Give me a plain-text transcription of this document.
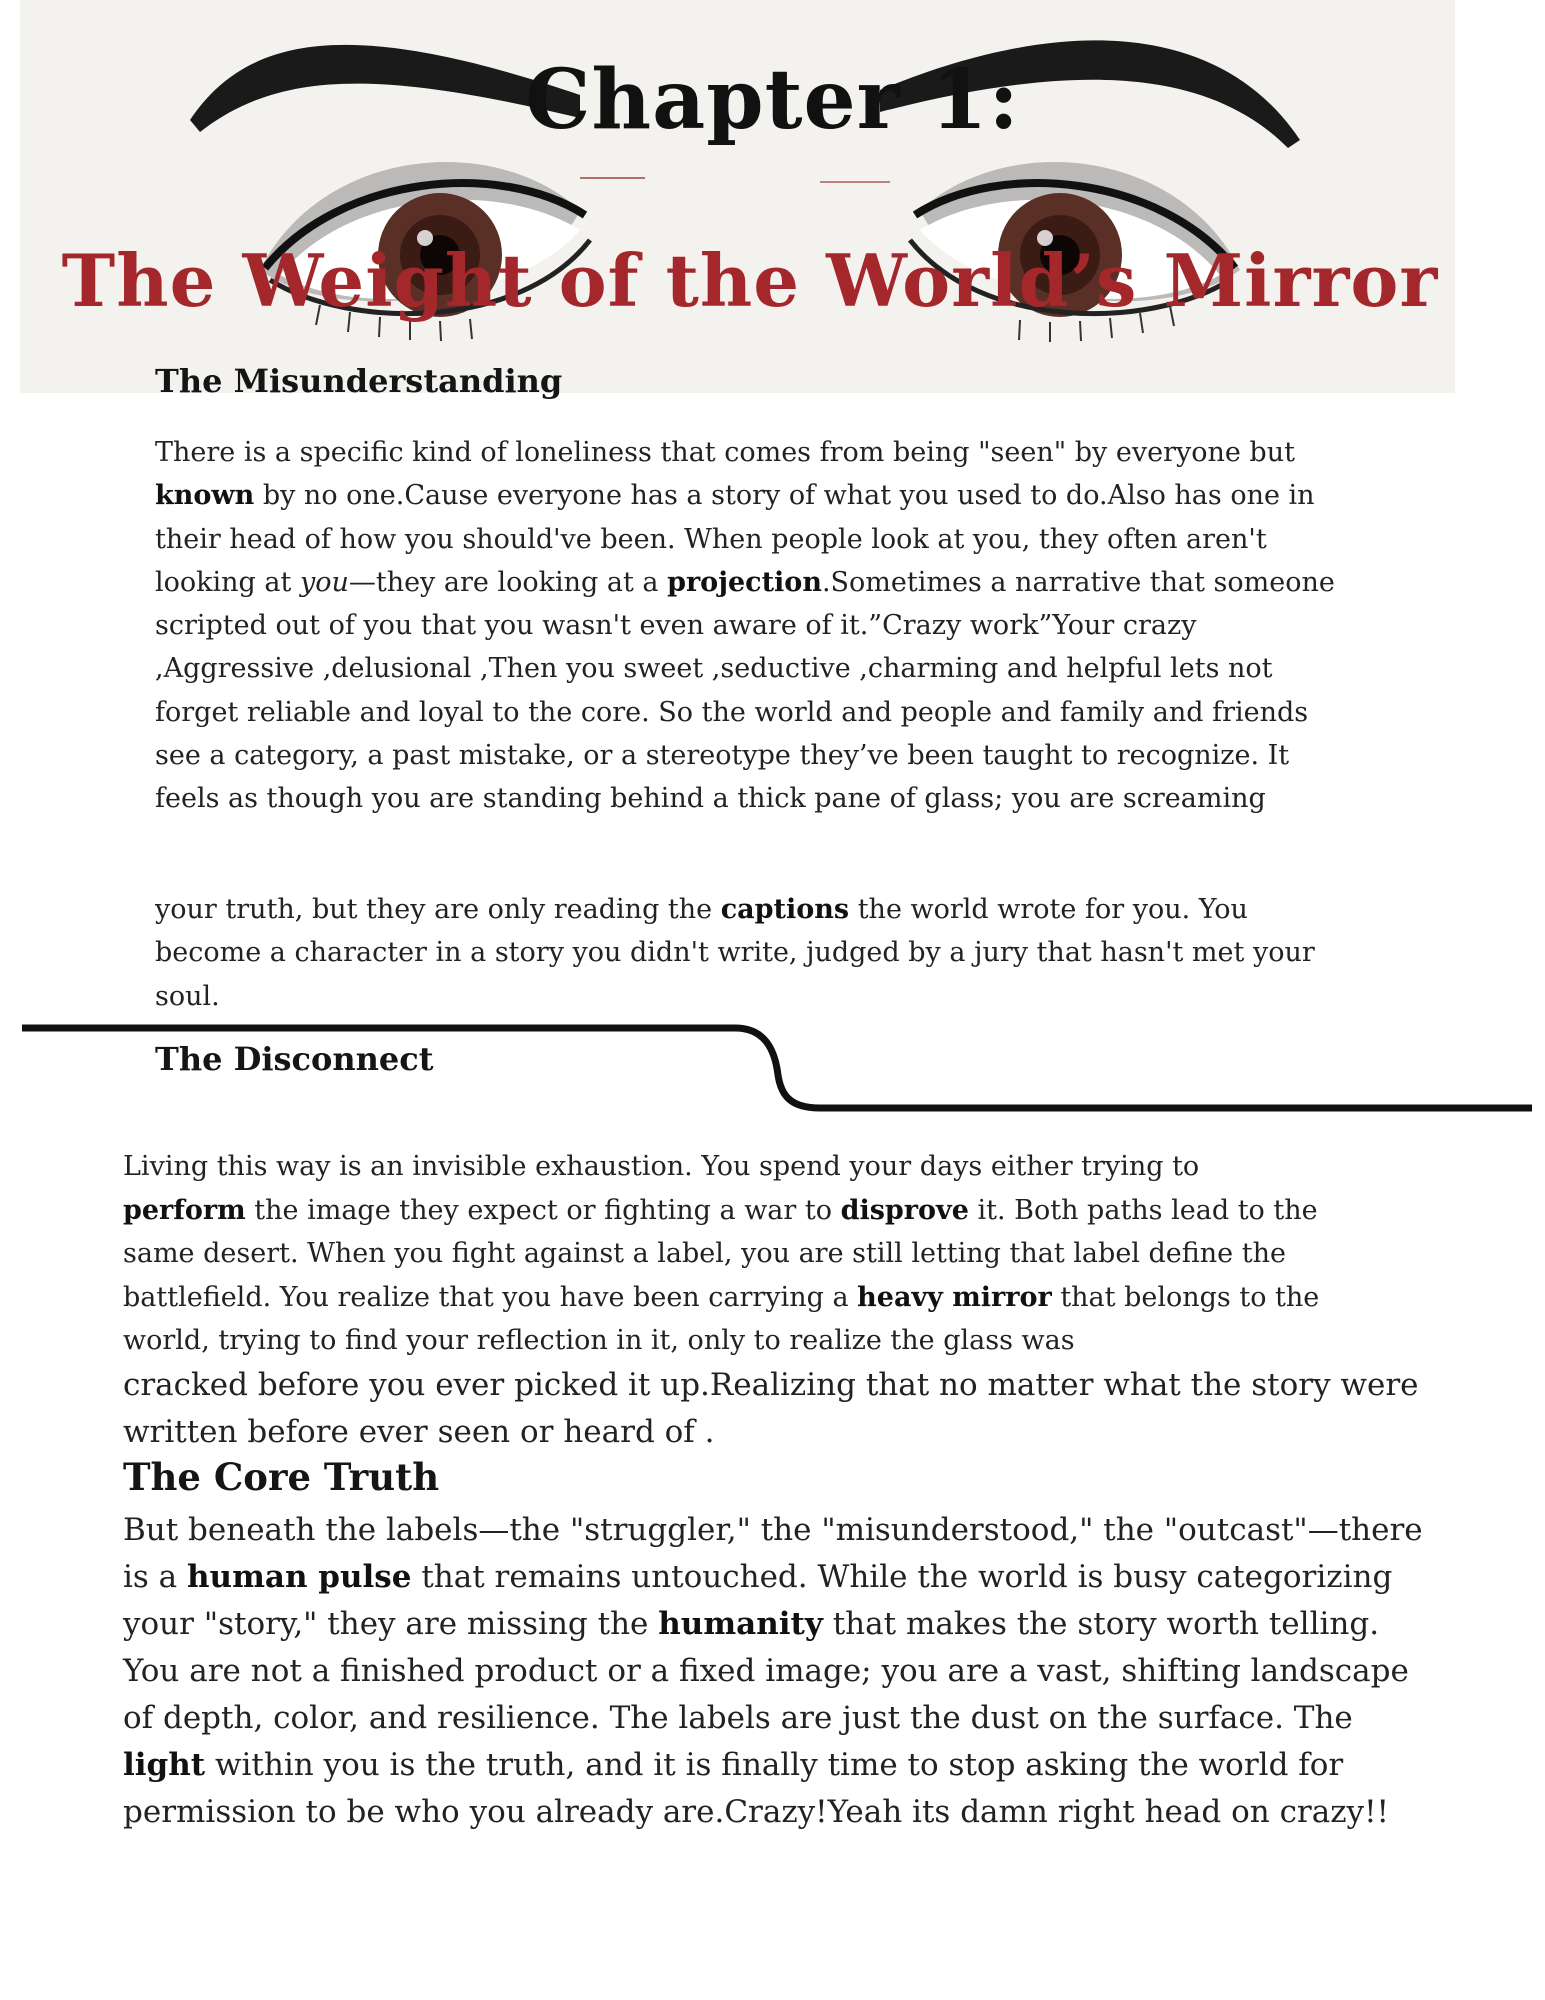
Chapter 1:
The Weight of the World’s Mirror
The Misunderstanding

There is a specific kind of loneliness that comes from being "seen" by everyone but known by no one.Cause everyone has a story of what you used to do.Also has one in their head of how you should've been. When people look at you, they often aren't looking at you—they are looking at a projection.Sometimes a narrative that someone scripted out of you that you wasn't even aware of it.”Crazy work”Your crazy ,Aggressive ,delusional ,Then you sweet ,seductive ,charming and helpful lets not forget reliable and loyal to the core. So the world and people and family and friends see a category, a past mistake, or a stereotype they’ve been taught to recognize. It feels as though you are standing behind a thick pane of glass; you are screaming

your truth, but they are only reading the captions the world wrote for you. You become a character in a story you didn't write, judged by a jury that hasn't met your soul.

The Disconnect

Living this way is an invisible exhaustion. You spend your days either trying to perform the image they expect or fighting a war to disprove it. Both paths lead to the same desert. When you fight against a label, you are still letting that label define the battlefield. You realize that you have been carrying a heavy mirror that belongs to the world, trying to find your reflection in it, only to realize the glass was

cracked before you ever picked it up.Realizing that no matter what the story were written before ever seen or heard of .

The Core Truth

But beneath the labels—the "struggler," the "misunderstood," the "outcast"—there is a human pulse that remains untouched. While the world is busy categorizing your "story," they are missing the humanity that makes the story worth telling. You are not a finished product or a fixed image; you are a vast, shifting landscape of depth, color, and resilience. The labels are just the dust on the surface. The light within you is the truth, and it is finally time to stop asking the world for permission to be who you already are.Crazy!Yeah its damn right head on crazy!!
